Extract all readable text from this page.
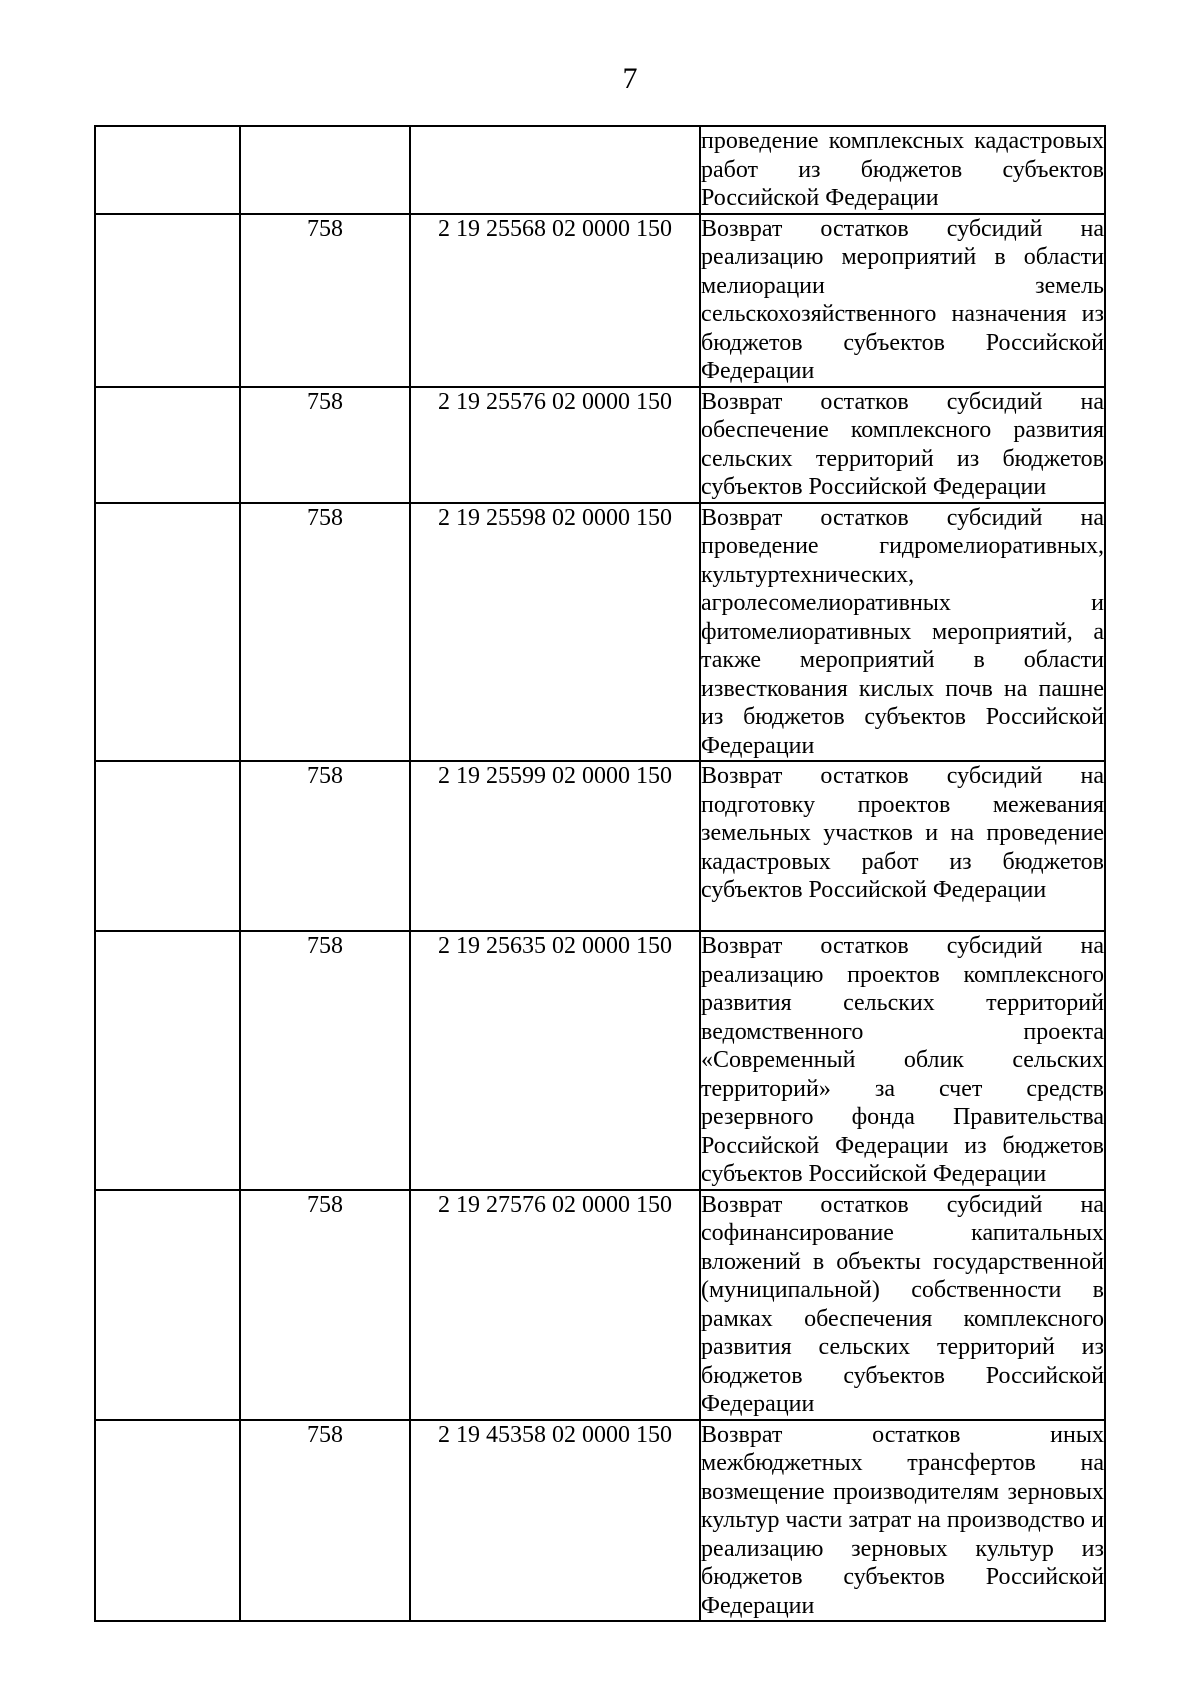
7
			проведение комплексных кадастровых работ из бюджетов субъектов Российской Федерации
	758	2 19 25568 02 0000 150	Возврат остатков субсидий на реализацию мероприятий в области мелиорации земель сельскохозяйственного назначения из бюджетов субъектов Российской Федерации
	758	2 19 25576 02 0000 150	Возврат остатков субсидий на обеспечение комплексного развития сельских территорий из бюджетов субъектов Российской Федерации
	758	2 19 25598 02 0000 150	Возврат остатков субсидий на проведение гидромелиоративных, культуртехнических, агролесомелиоративных и фитомелиоративных мероприятий, а также мероприятий в области известкования кислых почв на пашне из бюджетов субъектов Российской Федерации
	758	2 19 25599 02 0000 150	Возврат остатков субсидий на подготовку проектов межевания земельных участков и на проведение кадастровых работ из бюджетов субъектов Российской Федерации
	758	2 19 25635 02 0000 150	Возврат остатков субсидий на реализацию проектов комплексного развития сельских территорий ведомственного проекта «Современный облик сельских территорий» за счет средств резервного фонда Правительства Российской Федерации из бюджетов субъектов Российской Федерации
	758	2 19 27576 02 0000 150	Возврат остатков субсидий на софинансирование капитальных вложений в объекты государственной (муниципальной) собственности в рамках обеспечения комплексного развития сельских территорий из бюджетов субъектов Российской Федерации
	758	2 19 45358 02 0000 150	Возврат остатков иных межбюджетных трансфертов на возмещение производителям зерновых культур части затрат на производство и реализацию зерновых культур из бюджетов субъектов Российской Федерации
